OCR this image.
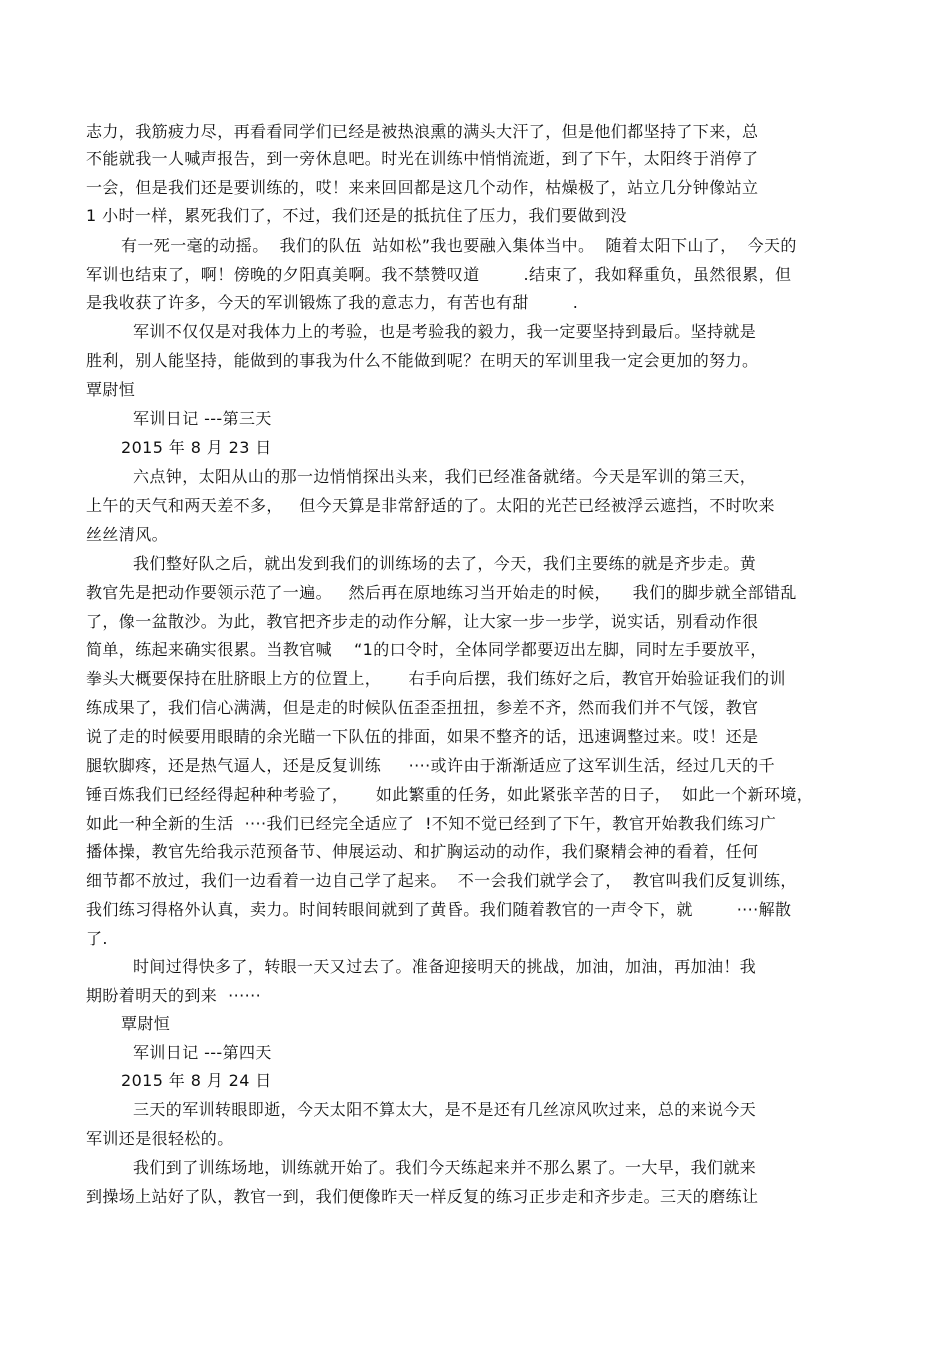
志力，我筋疲力尽，再看看同学们已经是被热浪熏的满头大汗了，但是他们都坚持了下来，总
不能就我一人喊声报告，到一旁休息吧。时光在训练中悄悄流逝，到了下午，太阳终于消停了
一会，但是我们还是要训练的，哎！来来回回都是这几个动作，枯燥极了，站立几分钟像站立
1 小时一样，累死我们了，不过，我们还是的抵抗住了压力，我们要做到没
有一死一毫的动摇。  我们的队伍  站如松”我也要融入集体当中。  随着太阳下山了，  今天的
军训也结束了，啊！傍晚的夕阳真美啊。我不禁赞叹道        .结束了，我如释重负，虽然很累，但
是我收获了许多，今天的军训锻炼了我的意志力，有苦也有甜        .
军训不仅仅是对我体力上的考验，也是考验我的毅力，我一定要坚持到最后。坚持就是
胜利，别人能坚持，能做到的事我为什么不能做到呢？在明天的军训里我一定会更加的努力。
覃尉恒
军训日记 ---第三天
2015 年 8 月 23 日
六点钟，太阳从山的那一边悄悄探出头来，我们已经准备就绪。今天是军训的第三天，
上午的天气和两天差不多，   但今天算是非常舒适的了。太阳的光芒已经被浮云遮挡，不时吹来
丝丝清风。
我们整好队之后，就出发到我们的训练场的去了，今天，我们主要练的就是齐步走。黄
教官先是把动作要领示范了一遍。   然后再在原地练习当开始走的时候，    我们的脚步就全部错乱
了，像一盆散沙。为此，教官把齐步走的动作分解，让大家一步一步学，说实话，别看动作很
简单，练起来确实很累。当教官喊    “1的口令时，全体同学都要迈出左脚，同时左手要放平，
拳头大概要保持在肚脐眼上方的位置上，     右手向后摆，我们练好之后，教官开始验证我们的训
练成果了，我们信心满满，但是走的时候队伍歪歪扭扭，参差不齐，然而我们并不气馁，教官
说了走的时候要用眼睛的余光瞄一下队伍的排面，如果不整齐的话，迅速调整过来。哎！还是
腿软脚疼，还是热气逼人，还是反复训练     ····或许由于渐渐适应了这军训生活，经过几天的千
锤百炼我们已经经得起种种考验了，     如此繁重的任务，如此紧张辛苦的日子，  如此一个新环境，
如此一种全新的生活  ····我们已经完全适应了  !不知不觉已经到了下午，教官开始教我们练习广
播体操，教官先给我示范预备节、伸展运动、和扩胸运动的动作，我们聚精会神的看着，任何
细节都不放过，我们一边看着一边自己学了起来。  不一会我们就学会了，  教官叫我们反复训练，
我们练习得格外认真，卖力。时间转眼间就到了黄昏。我们随着教官的一声令下，就        ····解散
了.
时间过得快多了，转眼一天又过去了。准备迎接明天的挑战，加油，加油，再加油！我
期盼着明天的到来  ······
覃尉恒
军训日记 ---第四天
2015 年 8 月 24 日
三天的军训转眼即逝，今天太阳不算太大，是不是还有几丝凉风吹过来，总的来说今天
军训还是很轻松的。
我们到了训练场地，训练就开始了。我们今天练起来并不那么累了。一大早，我们就来
到操场上站好了队，教官一到，我们便像昨天一样反复的练习正步走和齐步走。三天的磨练让
